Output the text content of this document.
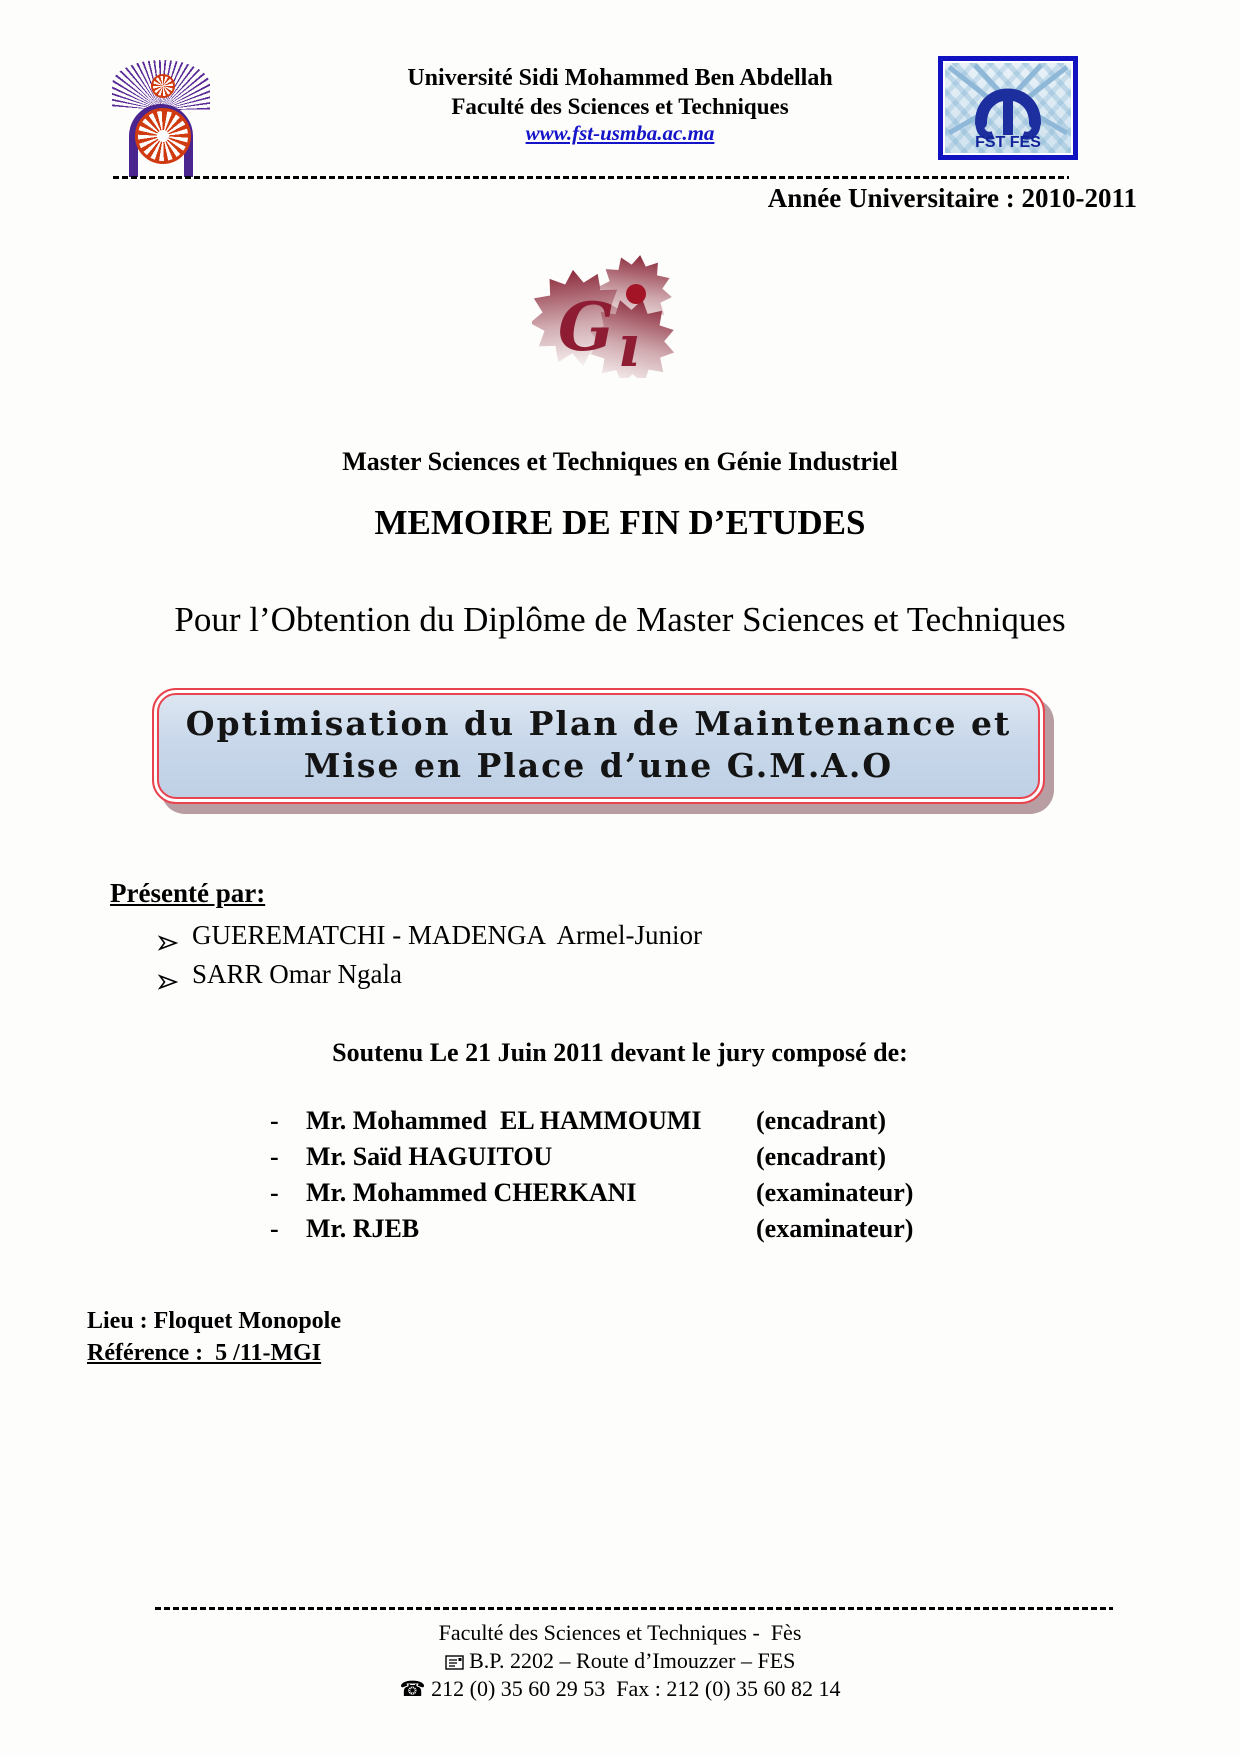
Université Sidi Mohammed Ben Abdellah
Faculté des Sciences et Techniques
www.fst-usmba.ac.ma	FST FES
Année Universitaire : 2010-2011
G ı
Master Sciences et Techniques en Génie Industriel
MEMOIRE DE FIN D’ETUDES
Pour l’Obtention du Diplôme de Master Sciences et Techniques
Optimisation du Plan de Maintenance et
Mise en Place d’une G.M.A.O
Présenté par:
GUEREMATCHI - MADENGA  Armel-Junior
SARR Omar Ngala
Soutenu Le 21 Juin 2011 devant le jury composé de:
-	Mr. Mohammed  EL HAMMOUMI	(encadrant)
-	Mr. Saïd HAGUITOU	(encadrant)
-	Mr. Mohammed CHERKANI	(examinateur)
-	Mr. RJEB	(examinateur)
Lieu : Floquet Monopole
Référence :  5 /11-MGI
Faculté des Sciences et Techniques -  Fès
B.P. 2202 – Route d’Imouzzer – FES
☎ 212 (0) 35 60 29 53  Fax : 212 (0) 35 60 82 14
